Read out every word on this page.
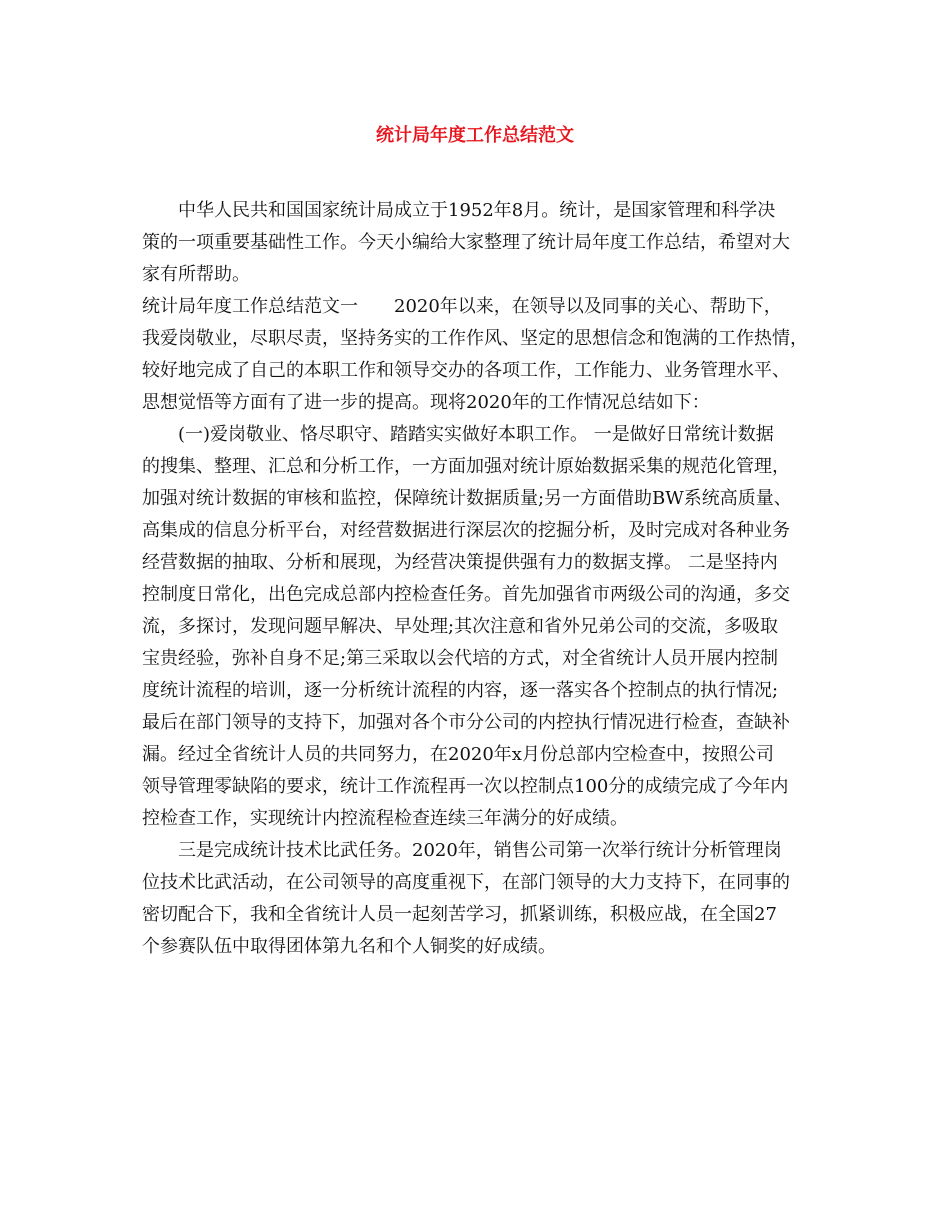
统计局年度工作总结范文

中华人民共和国国家统计局成立于1952年8月。统计，是国家管理和科学决

策的一项重要基础性工作。今天小编给大家整理了统计局年度工作总结，希望对大

家有所帮助。

统计局年度工作总结范文一　　2020年以来，在领导以及同事的关心、帮助下，

我爱岗敬业，尽职尽责，坚持务实的工作作风、坚定的思想信念和饱满的工作热情，

较好地完成了自己的本职工作和领导交办的各项工作，工作能力、业务管理水平、

思想觉悟等方面有了进一步的提高。现将2020年的工作情况总结如下：

(一)爱岗敬业、恪尽职守、踏踏实实做好本职工作。 一是做好日常统计数据

的搜集、整理、汇总和分析工作，一方面加强对统计原始数据采集的规范化管理，

加强对统计数据的审核和监控，保障统计数据质量;另一方面借助BW系统高质量、

高集成的信息分析平台，对经营数据进行深层次的挖掘分析，及时完成对各种业务

经营数据的抽取、分析和展现，为经营决策提供强有力的数据支撑。 二是坚持内

控制度日常化，出色完成总部内控检查任务。首先加强省市两级公司的沟通，多交

流，多探讨，发现问题早解决、早处理;其次注意和省外兄弟公司的交流，多吸取

宝贵经验，弥补自身不足;第三采取以会代培的方式，对全省统计人员开展内控制

度统计流程的培训，逐一分析统计流程的内容，逐一落实各个控制点的执行情况;

最后在部门领导的支持下，加强对各个市分公司的内控执行情况进行检查，查缺补

漏。经过全省统计人员的共同努力，在2020年x月份总部内空检查中，按照公司

领导管理零缺陷的要求，统计工作流程再一次以控制点100分的成绩完成了今年内

控检查工作，实现统计内控流程检查连续三年满分的好成绩。

三是完成统计技术比武任务。2020年，销售公司第一次举行统计分析管理岗

位技术比武活动，在公司领导的高度重视下，在部门领导的大力支持下，在同事的

密切配合下，我和全省统计人员一起刻苦学习，抓紧训练，积极应战，在全国27

个参赛队伍中取得团体第九名和个人铜奖的好成绩。
